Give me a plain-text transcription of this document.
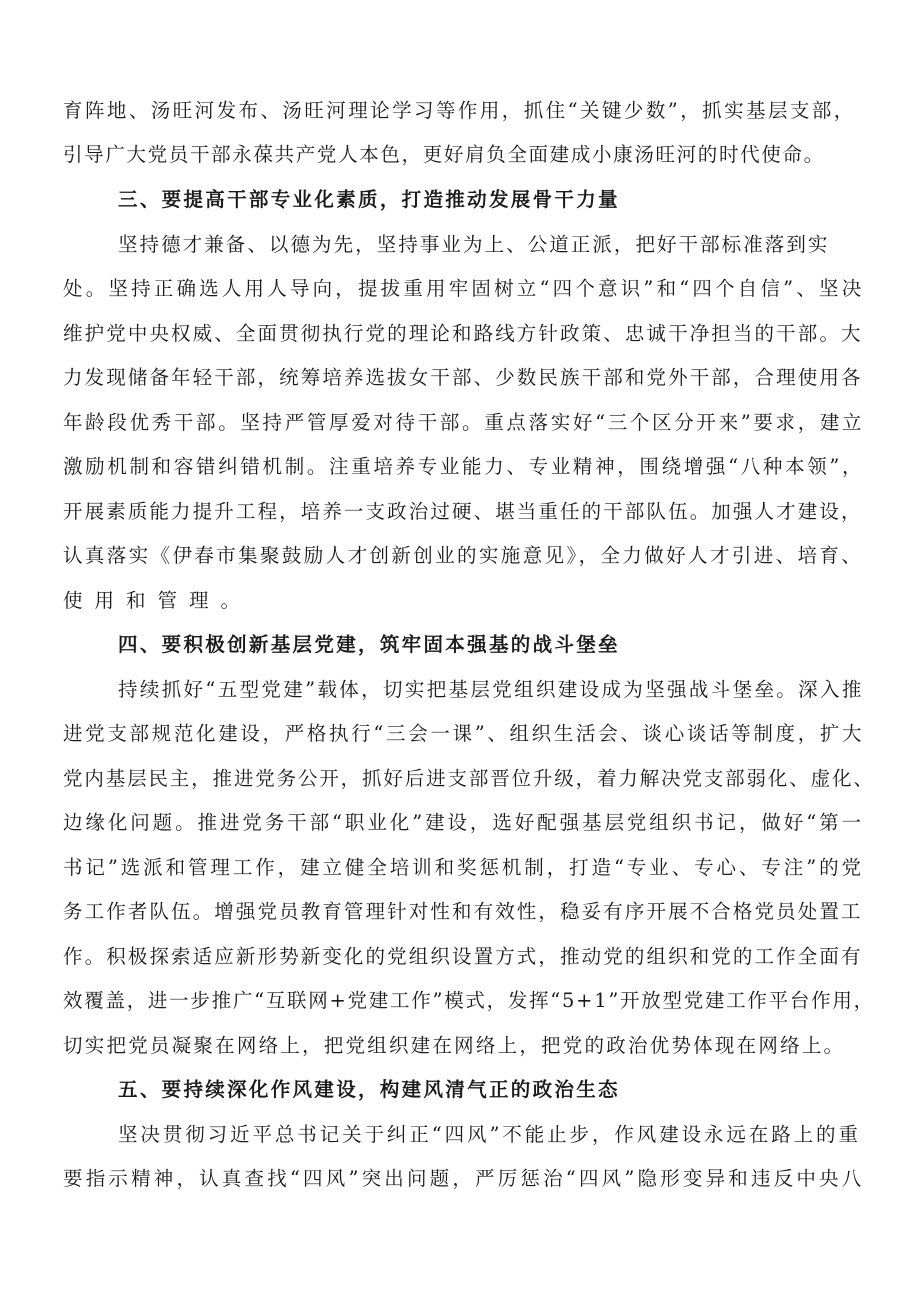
育阵地、汤旺河发布、汤旺河理论学习等作用，抓住“关键少数”，抓实基层支部，
引导广大党员干部永葆共产党人本色，更好肩负全面建成小康汤旺河的时代使命。
三、要提高干部专业化素质，打造推动发展骨干力量
坚持德才兼备、以德为先，坚持事业为上、公道正派，把好干部标准落到实
处。坚持正确选人用人导向，提拔重用牢固树立“四个意识”和“四个自信”、坚决
维护党中央权威、全面贯彻执行党的理论和路线方针政策、忠诚干净担当的干部。大
力发现储备年轻干部，统筹培养选拔女干部、少数民族干部和党外干部，合理使用各
年龄段优秀干部。坚持严管厚爱对待干部。重点落实好“三个区分开来”要求，建立
激励机制和容错纠错机制。注重培养专业能力、专业精神，围绕增强“八种本领”，
开展素质能力提升工程，培养一支政治过硬、堪当重任的干部队伍。加强人才建设，
认真落实《伊春市集聚鼓励人才创新创业的实施意见》，全力做好人才引进、培育、
使用和管理。
四、要积极创新基层党建，筑牢固本强基的战斗堡垒
持续抓好“五型党建”载体，切实把基层党组织建设成为坚强战斗堡垒。深入推
进党支部规范化建设，严格执行“三会一课”、组织生活会、谈心谈话等制度，扩大
党内基层民主，推进党务公开，抓好后进支部晋位升级，着力解决党支部弱化、虚化、
边缘化问题。推进党务干部“职业化”建设，选好配强基层党组织书记，做好“第一
书记”选派和管理工作，建立健全培训和奖惩机制，打造“专业、专心、专注”的党
务工作者队伍。增强党员教育管理针对性和有效性，稳妥有序开展不合格党员处置工
作。积极探索适应新形势新变化的党组织设置方式，推动党的组织和党的工作全面有
效覆盖，进一步推广“互联网+党建工作”模式，发挥“5+1”开放型党建工作平台作用，
切实把党员凝聚在网络上，把党组织建在网络上，把党的政治优势体现在网络上。
五、要持续深化作风建设，构建风清气正的政治生态
坚决贯彻习近平总书记关于纠正“四风”不能止步，作风建设永远在路上的重
要指示精神，认真查找“四风”突出问题，严厉惩治“四风”隐形变异和违反中央八
